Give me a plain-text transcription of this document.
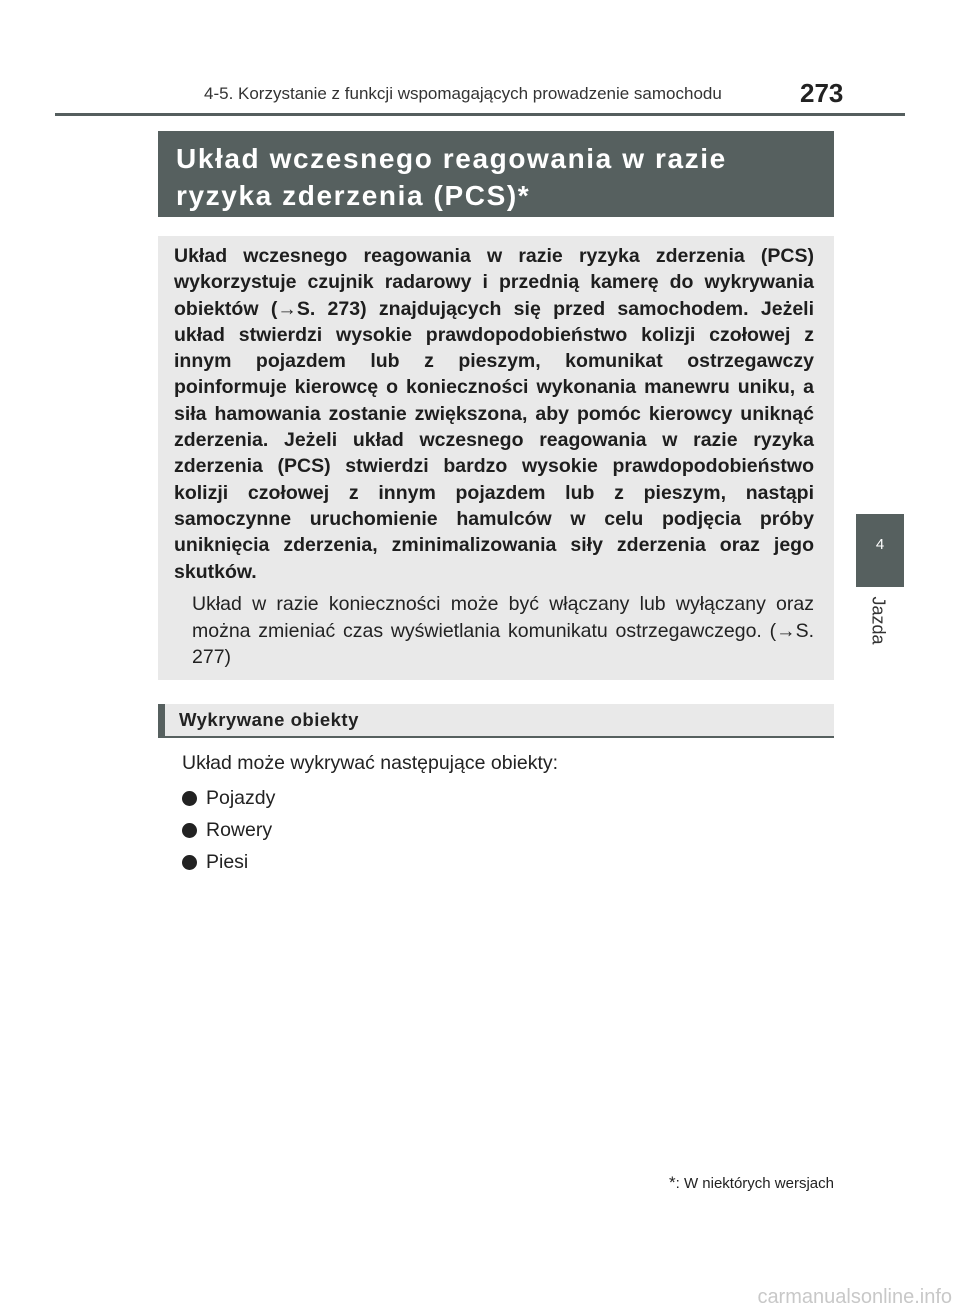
4-5. Korzystanie z funkcji wspomagających prowadzenie samochodu	273
Układ wczesnego reagowania w razie ryzyka zderzenia (PCS)*
Układ wczesnego reagowania w razie ryzyka zderzenia (PCS) wykorzystuje czujnik radarowy i przednią kamerę do wykrywania obiektów (→S. 273) znajdujących się przed samochodem. Jeżeli układ stwierdzi wysokie prawdopodobieństwo kolizji czołowej z innym pojazdem lub z pieszym, komunikat ostrzegawczy poinformuje kierowcę o konieczności wykonania manewru uniku, a siła hamowania zostanie zwiększona, aby pomóc kierowcy uniknąć zderzenia. Jeżeli układ wczesnego reagowania w razie ryzyka zderzenia (PCS) stwierdzi bardzo wysokie prawdopodobieństwo kolizji czołowej z innym pojazdem lub z pieszym, nastąpi samoczynne uruchomienie hamulców w celu podjęcia próby uniknięcia zderzenia, zminimalizowania siły zderzenia oraz jego skutków.
Układ w razie konieczności może być włączany lub wyłączany oraz można zmieniać czas wyświetlania komunikatu ostrzegawczego. (→S. 277)
Wykrywane obiekty
Układ może wykrywać następujące obiekty:
Pojazdy
Rowery
Piesi
4
Jazda
*: W niektórych wersjach
carmanualsonline.info
